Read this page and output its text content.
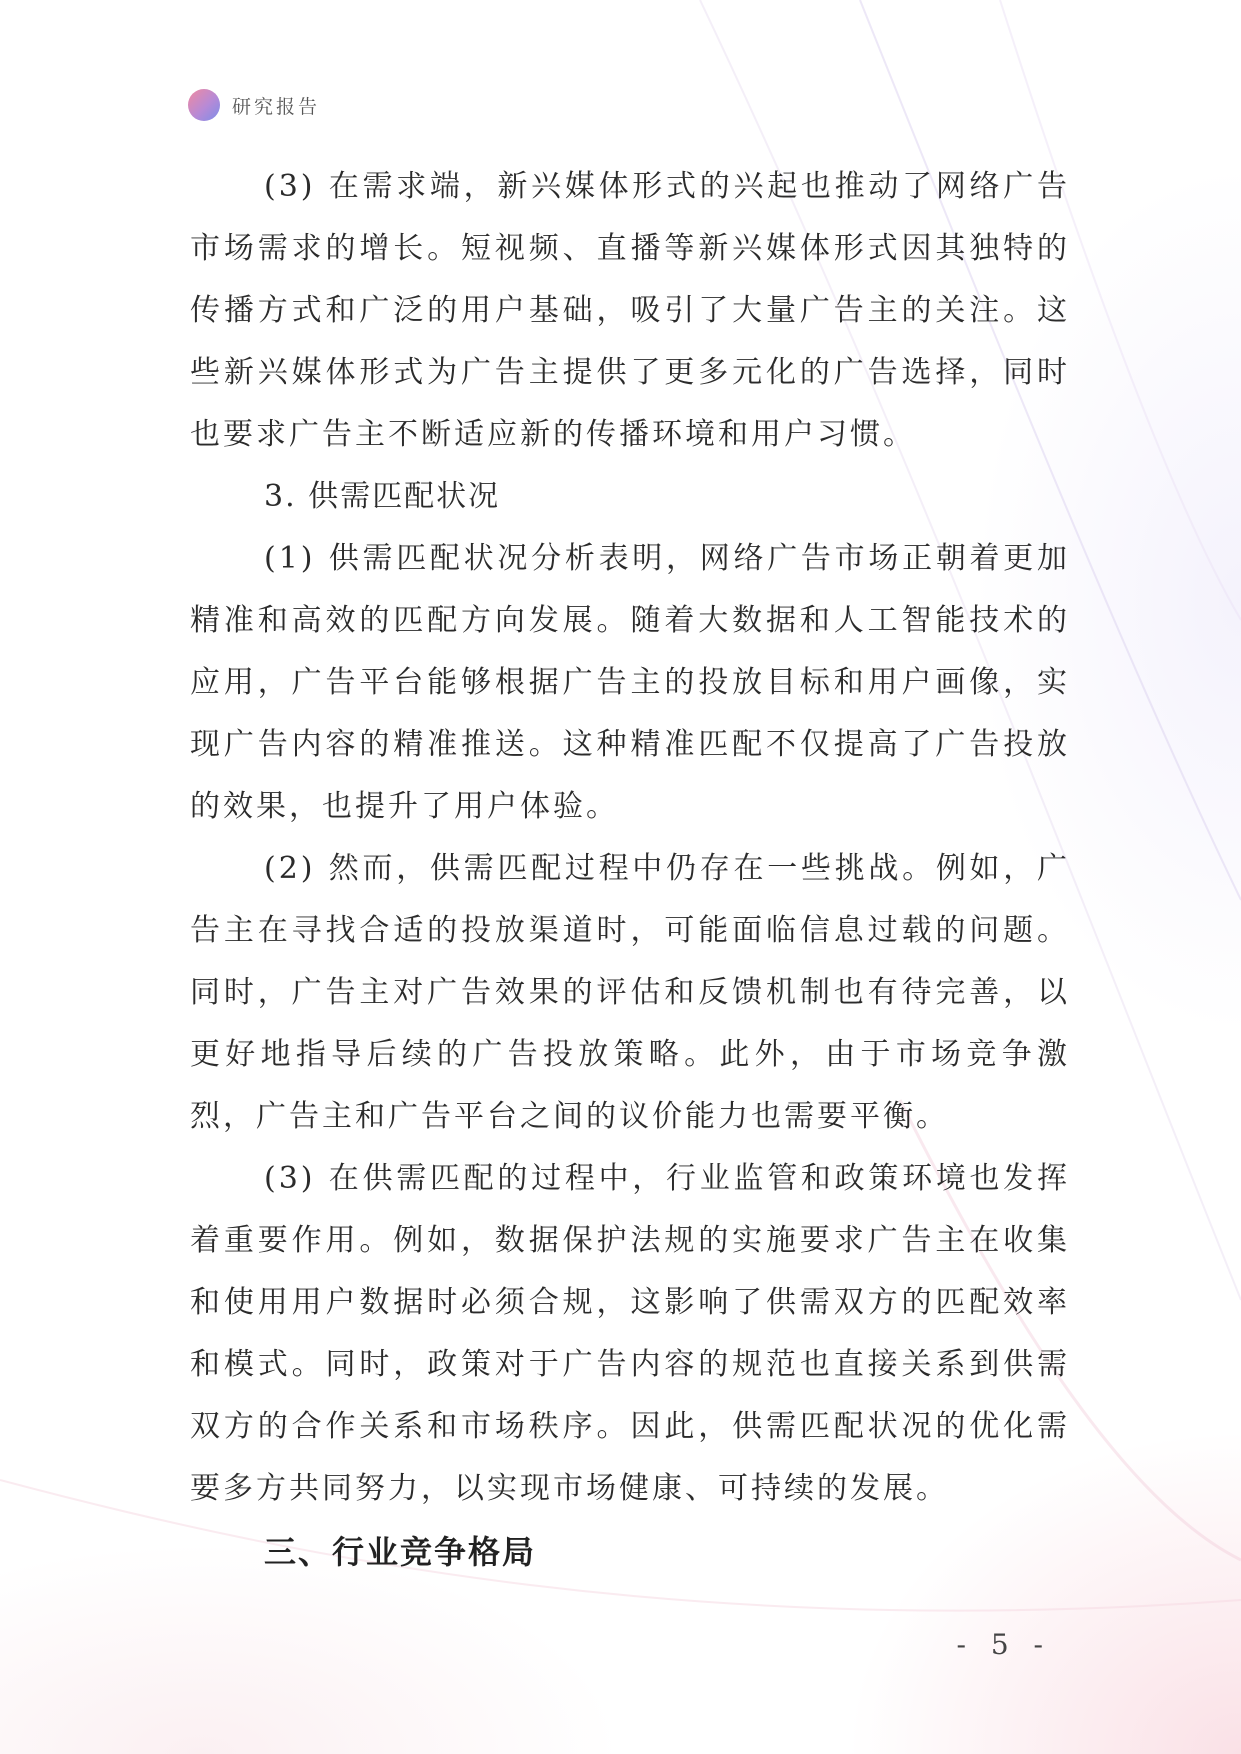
研究报告

(3) 在需求端，新兴媒体形式的兴起也推动了网络广告市场需求的增长。短视频、直播等新兴媒体形式因其独特的传播方式和广泛的用户基础，吸引了大量广告主的关注。这些新兴媒体形式为广告主提供了更多元化的广告选择，同时也要求广告主不断适应新的传播环境和用户习惯。

3. 供需匹配状况

(1) 供需匹配状况分析表明，网络广告市场正朝着更加精准和高效的匹配方向发展。随着大数据和人工智能技术的应用，广告平台能够根据广告主的投放目标和用户画像，实现广告内容的精准推送。这种精准匹配不仅提高了广告投放的效果，也提升了用户体验。

(2) 然而，供需匹配过程中仍存在一些挑战。例如，广告主在寻找合适的投放渠道时，可能面临信息过载的问题。同时，广告主对广告效果的评估和反馈机制也有待完善，以更好地指导后续的广告投放策略。此外，由于市场竞争激烈，广告主和广告平台之间的议价能力也需要平衡。

(3) 在供需匹配的过程中，行业监管和政策环境也发挥着重要作用。例如，数据保护法规的实施要求广告主在收集和使用用户数据时必须合规，这影响了供需双方的匹配效率和模式。同时，政策对于广告内容的规范也直接关系到供需双方的合作关系和市场秩序。因此，供需匹配状况的优化需要多方共同努力，以实现市场健康、可持续的发展。

三、行业竞争格局

- 5 -
